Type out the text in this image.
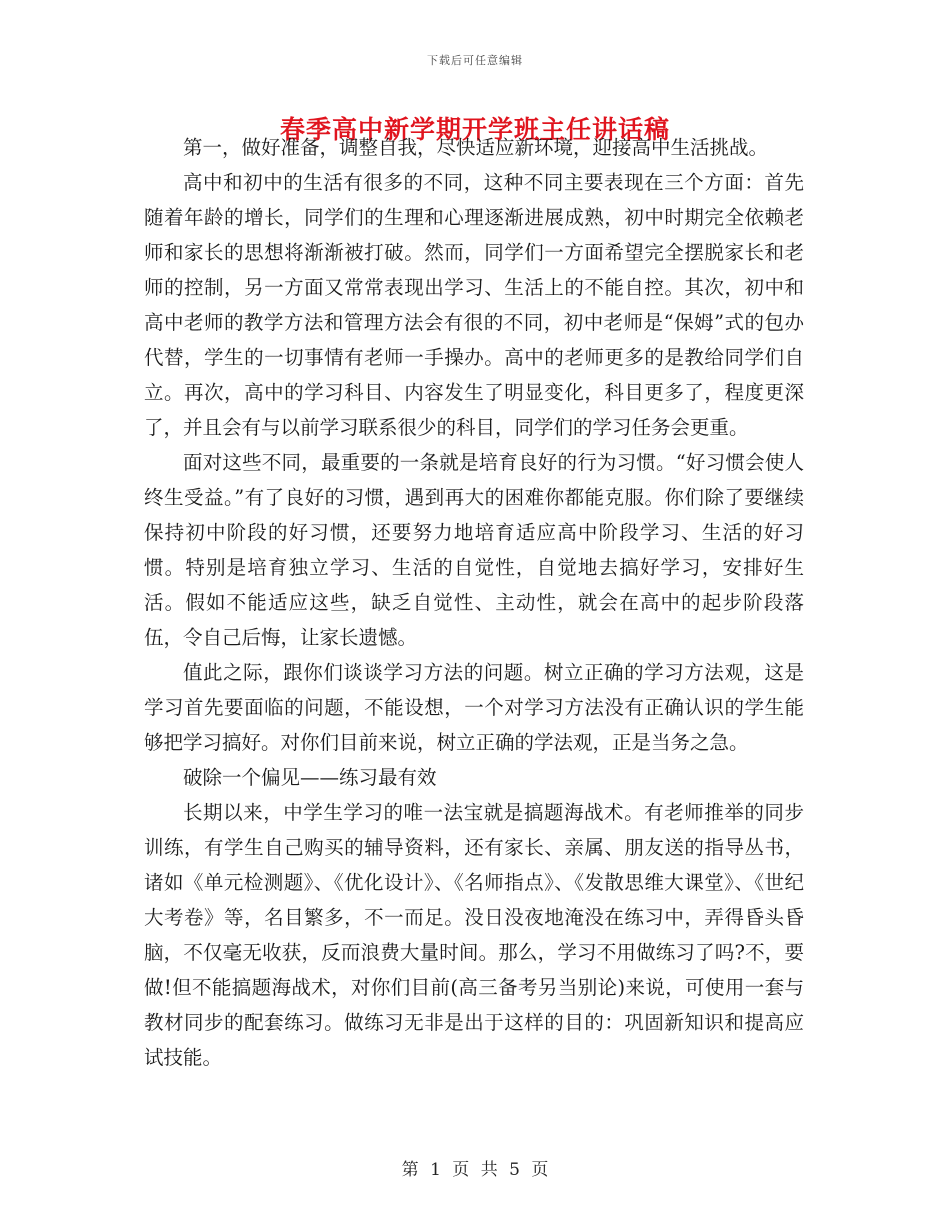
下载后可任意编辑
春季高中新学期开学班主任讲话稿

第一，做好准备，调整自我，尽快适应新环境，迎接高中生活挑战。

高中和初中的生活有很多的不同，这种不同主要表现在三个方面：首先随着年龄的增长，同学们的生理和心理逐渐进展成熟，初中时期完全依赖老师和家长的思想将渐渐被打破。然而，同学们一方面希望完全摆脱家长和老师的控制，另一方面又常常表现出学习、生活上的不能自控。其次，初中和高中老师的教学方法和管理方法会有很的不同，初中老师是“保姆”式的包办代替，学生的一切事情有老师一手操办。高中的老师更多的是教给同学们自立。再次，高中的学习科目、内容发生了明显变化，科目更多了，程度更深了，并且会有与以前学习联系很少的科目，同学们的学习任务会更重。

面对这些不同，最重要的一条就是培育良好的行为习惯。“好习惯会使人终生受益。”有了良好的习惯，遇到再大的困难你都能克服。你们除了要继续保持初中阶段的好习惯，还要努力地培育适应高中阶段学习、生活的好习惯。特别是培育独立学习、生活的自觉性，自觉地去搞好学习，安排好生活。假如不能适应这些，缺乏自觉性、主动性，就会在高中的起步阶段落伍，令自己后悔，让家长遗憾。

值此之际，跟你们谈谈学习方法的问题。树立正确的学习方法观，这是学习首先要面临的问题，不能设想，一个对学习方法没有正确认识的学生能够把学习搞好。对你们目前来说，树立正确的学法观，正是当务之急。

破除一个偏见——练习最有效

长期以来，中学生学习的唯一法宝就是搞题海战术。有老师推举的同步训练，有学生自己购买的辅导资料，还有家长、亲属、朋友送的指导丛书，诸如《单元检测题》、《优化设计》、《名师指点》、《发散思维大课堂》、《世纪大考卷》等，名目繁多，不一而足。没日没夜地淹没在练习中，弄得昏头昏脑，不仅毫无收获，反而浪费大量时间。那么，学习不用做练习了吗?不，要做!但不能搞题海战术，对你们目前(高三备考另当别论)来说，可使用一套与教材同步的配套练习。做练习无非是出于这样的目的：巩固新知识和提高应试技能。

第 1 页 共 5 页
